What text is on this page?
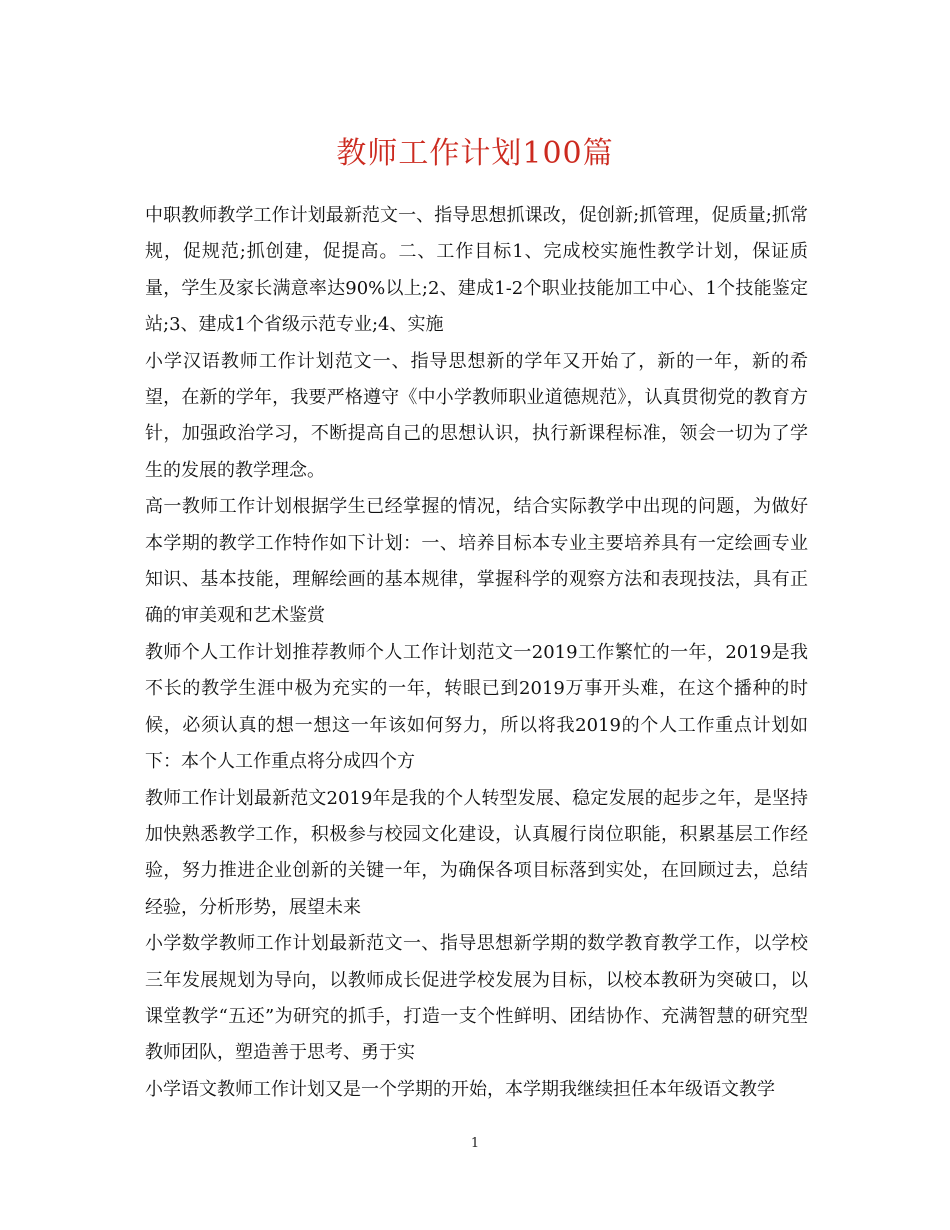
教师工作计划100篇

中职教师教学工作计划最新范文一、指导思想抓课改，促创新;抓管理，促质量;抓常规，促规范;抓创建，促提高。二、工作目标1、完成校实施性教学计划，保证质量，学生及家长满意率达90%以上;2、建成1-2个职业技能加工中心、1个技能鉴定站;3、建成1个省级示范专业;4、实施

小学汉语教师工作计划范文一、指导思想新的学年又开始了，新的一年，新的希望，在新的学年，我要严格遵守《中小学教师职业道德规范》，认真贯彻党的教育方针，加强政治学习，不断提高自己的思想认识，执行新课程标准，领会一切为了学生的发展的教学理念。

高一教师工作计划根据学生已经掌握的情况，结合实际教学中出现的问题，为做好本学期的教学工作特作如下计划：一、培养目标本专业主要培养具有一定绘画专业知识、基本技能，理解绘画的基本规律，掌握科学的观察方法和表现技法，具有正确的审美观和艺术鉴赏

教师个人工作计划推荐教师个人工作计划范文一2019工作繁忙的一年，2019是我不长的教学生涯中极为充实的一年，转眼已到2019万事开头难，在这个播种的时候，必须认真的想一想这一年该如何努力，所以将我2019的个人工作重点计划如下：本个人工作重点将分成四个方

教师工作计划最新范文2019年是我的个人转型发展、稳定发展的起步之年，是坚持加快熟悉教学工作，积极参与校园文化建设，认真履行岗位职能，积累基层工作经验，努力推进企业创新的关键一年，为确保各项目标落到实处，在回顾过去，总结经验，分析形势，展望未来

小学数学教师工作计划最新范文一、指导思想新学期的数学教育教学工作，以学校三年发展规划为导向，以教师成长促进学校发展为目标，以校本教研为突破口，以课堂教学“五还”为研究的抓手，打造一支个性鲜明、团结协作、充满智慧的研究型教师团队，塑造善于思考、勇于实

小学语文教师工作计划又是一个学期的开始，本学期我继续担任本年级语文教学

1
